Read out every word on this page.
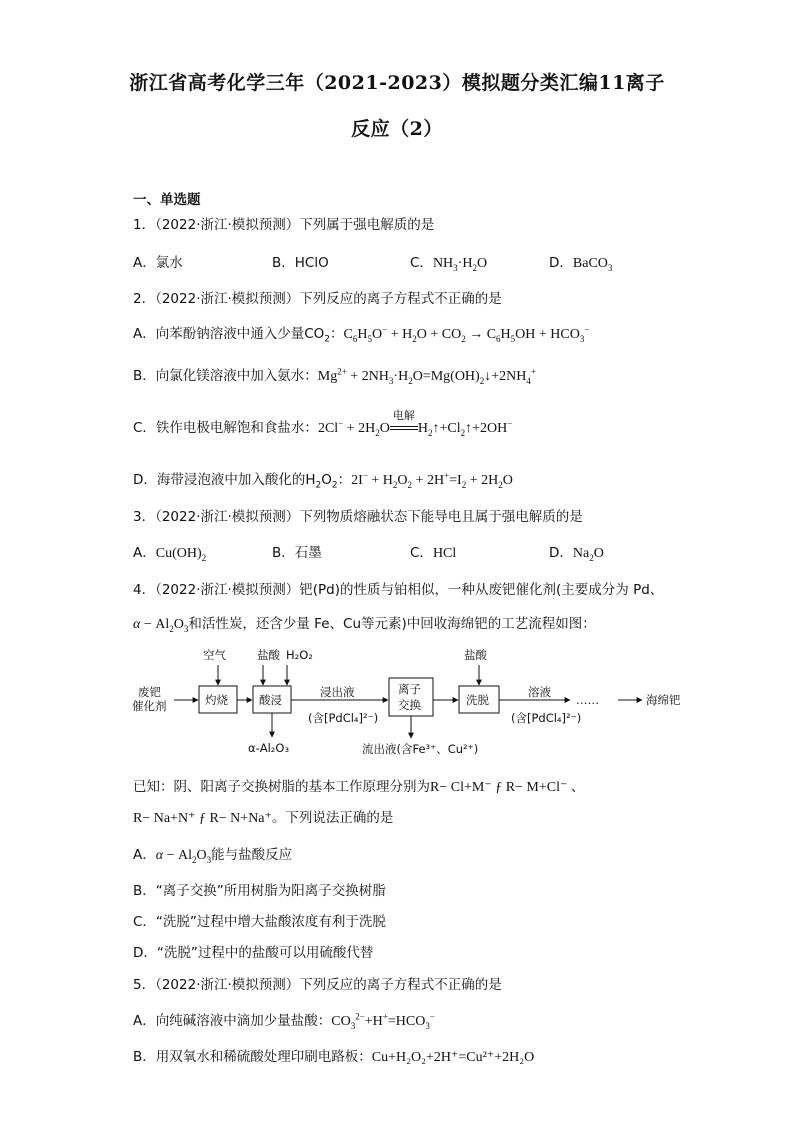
浙江省高考化学三年（2021-2023）模拟题分类汇编11离子
反应（2）
一、单选题
1．（2022·浙江·模拟预测）下列属于强电解质的是
A．氯水	B．HClO	C．$NH_3\cdot H_2O$	D．BaCO$_3$
2．（2022·浙江·模拟预测）下列反应的离子方程式不正确的是
A．向苯酚钠溶液中通入少量$CO_2$：$C_6H_5O^- + H_2O + CO_2 \to C_6H_5OH + HCO_3^-$
B．向氯化镁溶液中加入氨水：$Mg^{2+}$ + $2NH_3\cdot H_2O=Mg(OH)_2↓+2NH_4^+$
C．铁作电极电解饱和食盐水：$2Cl^- + 2H_2O$
电解
$H_2↑+Cl_2↑+2OH^-$
D．海带浸泡液中加入酸化的$H_2O_2$：$2I^- + H_2O_2 + 2H^+=I_2 + 2H_2O$
3．（2022·浙江·模拟预测）下列物质熔融状态下能导电且属于强电解质的是
A．$Cu(OH)_2$	B．石墨	C．HCl	D．$Na_2O$
4．（2022·浙江·模拟预测）钯(Pd)的性质与铂相似，一种从废钯催化剂(主要成分为 Pd、
$\alpha - Al_2O_3$和活性炭，还含少量 Fe、Cu等元素)中回收海绵钯的工艺流程如图：
废钯
催化剂	灼烧
空气
酸浸
盐酸 H₂O₂
α-Al₂O₃
浸出液
(含[PdCl₄]²⁻)
离子
交换
流出液(含Fe³⁺、Cu²⁺)
洗脱
盐酸
溶液
(含[PdCl₄]²⁻)
……	海绵钯
已知：阴、阳离子交换树脂的基本工作原理分别为R− Cl+M⁻ ƒ R− M+Cl⁻ 、
R− Na+N⁺ ƒ R− N+Na⁺。下列说法正确的是
A．$\alpha - Al_2O_3$能与盐酸反应
B．“离子交换”所用树脂为阳离子交换树脂
C．“洗脱”过程中增大盐酸浓度有利于洗脱
D．“洗脱”过程中的盐酸可以用硫酸代替
5．（2022·浙江·模拟预测）下列反应的离子方程式不正确的是
A．向纯碱溶液中滴加少量盐酸：$CO_3^{2-}+H^+=HCO_3^-$
B．用双氧水和稀硫酸处理印刷电路板：Cu+H₂O₂+2H⁺=Cu²⁺+2H₂O
